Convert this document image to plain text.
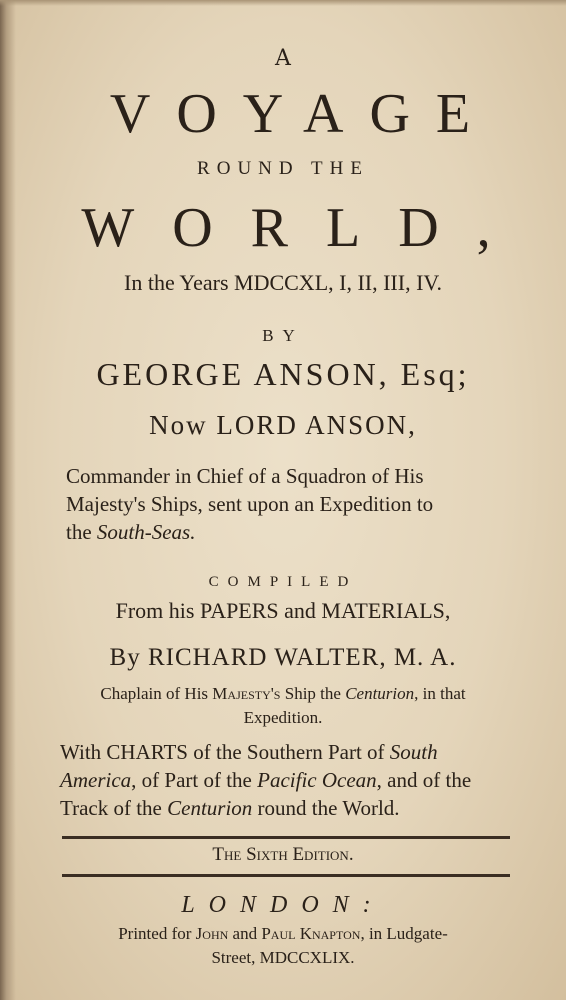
A
VOYAGE
ROUND THE
WORLD,
In the Years MDCCXL, I, II, III, IV.
BY
GEORGE ANSON, Esq;
Now LORD ANSON,
Commander in Chief of a Squadron of His
Majesty's Ships, sent upon an Expedition to
the South-Seas.
COMPILED
From his PAPERS and MATERIALS,
By RICHARD WALTER, M. A.
Chaplain of His Majesty's Ship the Centurion, in that
Expedition.
With CHARTS of the Southern Part of South
America, of Part of the Pacific Ocean, and of the
Track of the Centurion round the World.
The Sixth Edition.
LONDON:
Printed for John and Paul Knapton, in Ludgate-
Street, MDCCXLIX.
